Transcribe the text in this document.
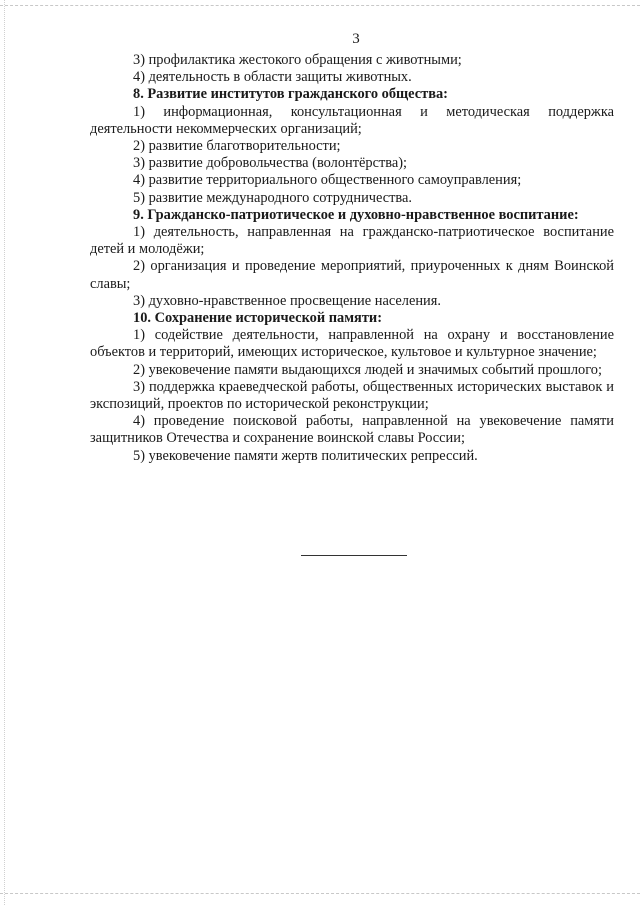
3

3) профилактика жестокого обращения с животными;

4) деятельность в области защиты животных.

8. Развитие институтов гражданского общества:

1) информационная, консультационная и методическая поддержка деятельности некоммерческих организаций;

2) развитие благотворительности;

3) развитие добровольчества (волонтёрства);

4) развитие территориального общественного самоуправления;

5) развитие международного сотрудничества.

9. Гражданско-патриотическое и духовно-нравственное воспитание:

1) деятельность, направленная на гражданско-патриотическое воспитание детей и молодёжи;

2) организация и проведение мероприятий, приуроченных к дням Воинской славы;

3) духовно-нравственное просвещение населения.

10. Сохранение исторической памяти:

1) содействие деятельности, направленной на охрану и восстановление объектов и территорий, имеющих историческое, культовое и культурное значение;

2) увековечение памяти выдающихся людей и значимых событий прошлого;

3) поддержка краеведческой работы, общественных исторических выставок и экспозиций, проектов по исторической реконструкции;

4) проведение поисковой работы, направленной на увековечение памяти защитников Отечества и сохранение воинской славы России;

5) увековечение памяти жертв политических репрессий.
